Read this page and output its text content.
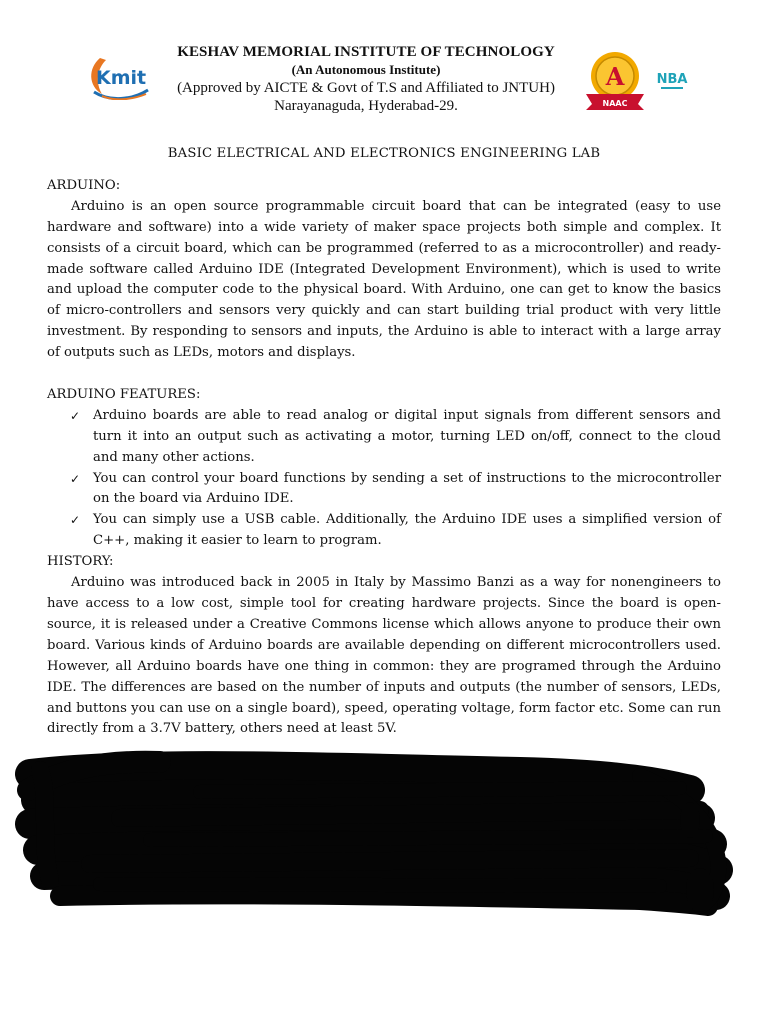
Kmit
KESHAV MEMORIAL INSTITUTE OF TECHNOLOGY
(An Autonomous Institute)
(Approved by AICTE & Govt of T.S and Affiliated to JNTUH)
Narayanaguda, Hyderabad-29.
A
NAAC
NBA
BASIC ELECTRICAL AND ELECTRONICS ENGINEERING LAB

ARDUINO:

Arduino is an open source programmable circuit board that can be integrated (easy to use hardware and software) into a wide variety of maker space projects both simple and complex. It consists of a circuit board, which can be programmed (referred to as a microcontroller) and ready-made software called Arduino IDE (Integrated Development Environment), which is used to write and upload the computer code to the physical board. With Arduino, one can get to know the basics of micro-controllers and sensors very quickly and can start building trial product with very little investment. By responding to sensors and inputs, the Arduino is able to interact with a large array of outputs such as LEDs, motors and displays.

ARDUINO FEATURES:

✓ Arduino boards are able to read analog or digital input signals from different sensors and turn it into an output such as activating a motor, turning LED on/off, connect to the cloud and many other actions.
✓ You can control your board functions by sending a set of instructions to the microcontroller on the board via Arduino IDE.
✓ You can simply use a USB cable. Additionally, the Arduino IDE uses a simplified version of C++, making it easier to learn to program.

HISTORY:

Arduino was introduced back in 2005 in Italy by Massimo Banzi as a way for nonengineers to have access to a low cost, simple tool for creating hardware projects. Since the board is open-source, it is released under a Creative Commons license which allows anyone to produce their own board. Various kinds of Arduino boards are available depending on different microcontrollers used. However, all Arduino boards have one thing in common: they are programed through the Arduino IDE. The differences are based on the number of inputs and outputs (the number of sensors, LEDs, and buttons you can use on a single board), speed, operating voltage, form factor etc. Some can run directly from a 3.7V battery, others need at least 5V.

Name	Volt	Speed	I/O	Input			
	5V	16MHz	14	6			
